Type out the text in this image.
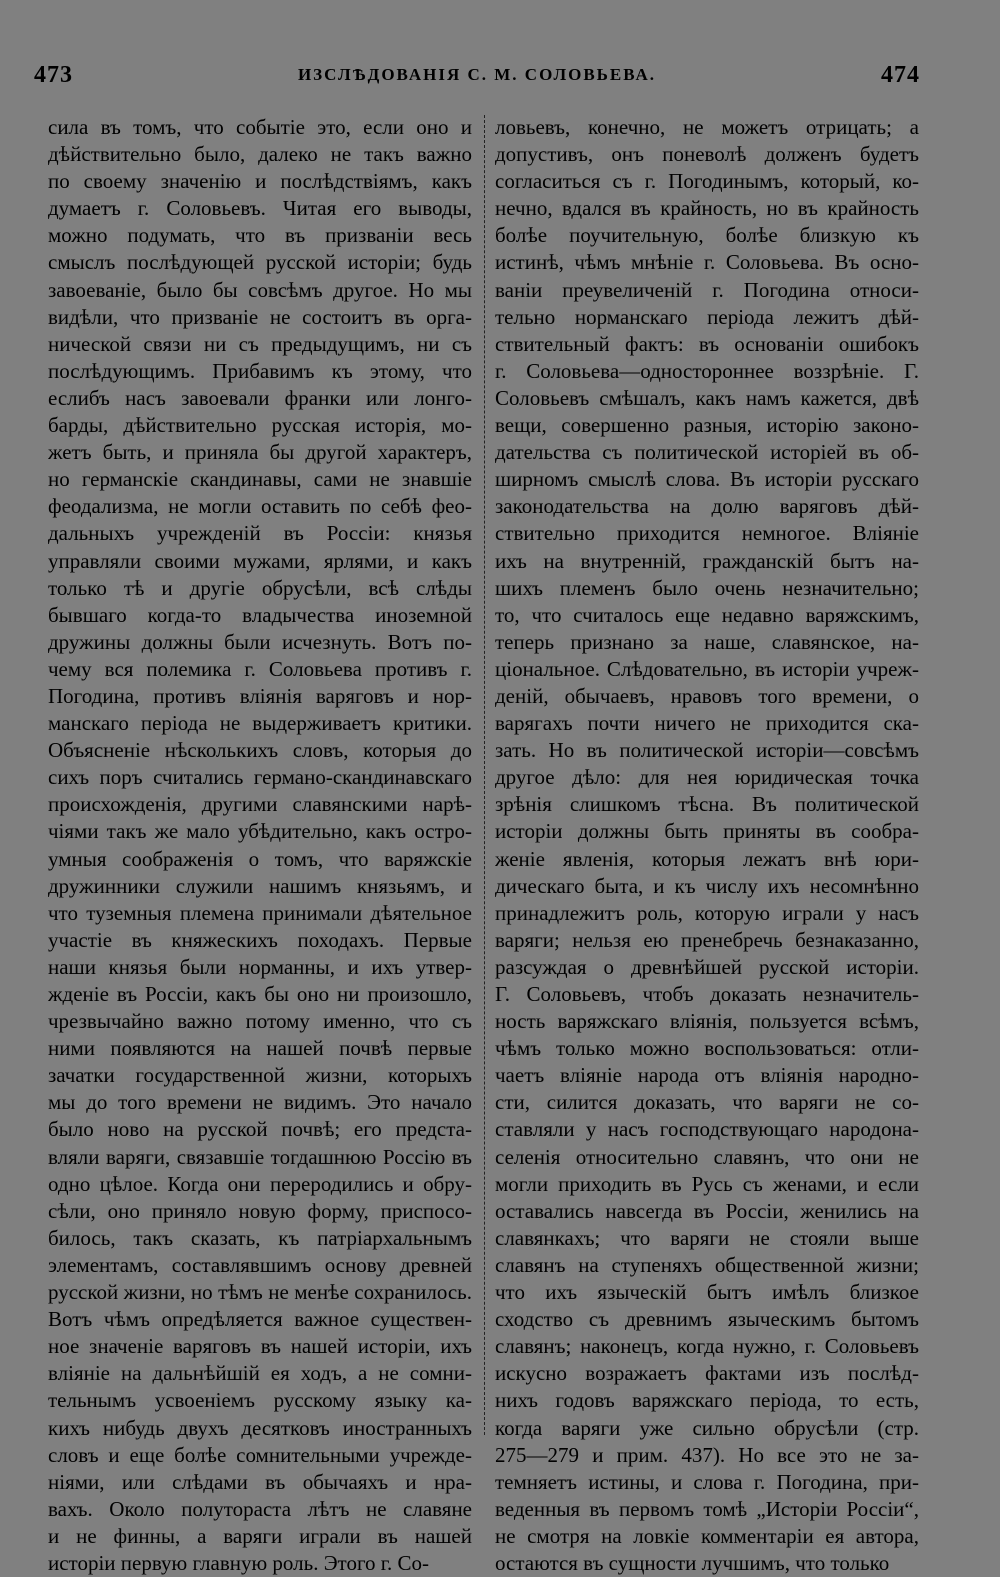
473	ИЗСЛѢДОВАНІЯ С. М. СОЛОВЬЕВА.	474
сила въ томъ, что событіе это, если оно и
дѣйствительно было, далеко не такъ важно
по своему значенію и послѣдствіямъ, какъ
думаетъ г. Соловьевъ. Читая его выводы,
можно подумать, что въ призваніи весь
смыслъ послѣдующей русской исторіи; будь
завоеваніе, было бы совсѣмъ другое. Но мы
видѣли, что призваніе не состоитъ въ орга-
нической связи ни съ предыдущимъ, ни съ
послѣдующимъ. Прибавимъ къ этому, что
еслибъ насъ завоевали франки или лонго-
барды, дѣйствительно русская исторія, мо-
жетъ быть, и приняла бы другой характеръ,
но германскіе скандинавы, сами не знавшіе
феодализма, не могли оставить по себѣ фео-
дальныхъ учрежденій въ Россіи: князья
управляли своими мужами, ярлями, и какъ
только тѣ и другіе обрусѣли, всѣ слѣды
бывшаго когда-то владычества иноземной
дружины должны были исчезнуть. Вотъ по-
чему вся полемика г. Соловьева противъ г.
Погодина, противъ вліянія варяговъ и нор-
манскаго періода не выдерживаетъ критики.
Объясненіе нѣсколькихъ словъ, которыя до
сихъ поръ считались германо-скандинавскаго
происхожденія, другими славянскими нарѣ-
чіями такъ же мало убѣдительно, какъ остро-
умныя соображенія о томъ, что варяжскіе
дружинники служили нашимъ князьямъ, и
что туземныя племена принимали дѣятельное
участіе въ княжескихъ походахъ. Первые
наши князья были норманны, и ихъ утвер-
жденіе въ Россіи, какъ бы оно ни произошло,
чрезвычайно важно потому именно, что съ
ними появляются на нашей почвѣ первые
зачатки государственной жизни, которыхъ
мы до того времени не видимъ. Это начало
было ново на русской почвѣ; его предста-
вляли варяги, связавшіе тогдашнюю Россію въ
одно цѣлое. Когда они переродились и обру-
сѣли, оно приняло новую форму, приспосо-
билось, такъ сказать, къ патріархальнымъ
элементамъ, составлявшимъ основу древней
русской жизни, но тѣмъ не менѣе сохранилось.
Вотъ чѣмъ опредѣляется важное существен-
ное значеніе варяговъ въ нашей исторіи, ихъ
вліяніе на дальнѣйшій ея ходъ, а не сомни-
тельнымъ усвоеніемъ русскому языку ка-
кихъ нибудь двухъ десятковъ иностранныхъ
словъ и еще болѣе сомнительными учрежде-
ніями, или слѣдами въ обычаяхъ и нра-
вахъ. Около полутораста лѣтъ не славяне
и не финны, а варяги играли въ нашей
исторіи первую главную роль. Этого г. Со-
ловьевъ, конечно, не можетъ отрицать; а
допустивъ, онъ поневолѣ долженъ будетъ
согласиться съ г. Погодинымъ, который, ко-
нечно, вдался въ крайность, но въ крайность
болѣе поучительную, болѣе близкую къ
истинѣ, чѣмъ мнѣніе г. Соловьева. Въ осно-
ваніи преувеличеній г. Погодина относи-
тельно норманскаго періода лежитъ дѣй-
ствительный фактъ: въ основаніи ошибокъ
г. Соловьева—одностороннее воззрѣніе. Г.
Соловьевъ смѣшалъ, какъ намъ кажется, двѣ
вещи, совершенно разныя, исторію законо-
дательства съ политической исторіей въ об-
ширномъ смыслѣ слова. Въ исторіи русскаго
законодательства на долю варяговъ дѣй-
ствительно приходится немногое. Вліяніе
ихъ на внутренній, гражданскій бытъ на-
шихъ племенъ было очень незначительно;
то, что считалось еще недавно варяжскимъ,
теперь признано за наше, славянское, на-
ціональное. Слѣдовательно, въ исторіи учреж-
деній, обычаевъ, нравовъ того времени, о
варягахъ почти ничего не приходится ска-
зать. Но въ политической исторіи—совсѣмъ
другое дѣло: для нея юридическая точка
зрѣнія слишкомъ тѣсна. Въ политической
исторіи должны быть приняты въ сообра-
женіе явленія, которыя лежатъ внѣ юри-
дическаго быта, и къ числу ихъ несомнѣнно
принадлежитъ роль, которую играли у насъ
варяги; нельзя ею пренебречь безнаказанно,
разсуждая о древнѣйшей русской исторіи.
Г. Соловьевъ, чтобъ доказать незначитель-
ность варяжскаго вліянія, пользуется всѣмъ,
чѣмъ только можно воспользоваться: отли-
чаетъ вліяніе народа отъ вліянія народно-
сти, силится доказать, что варяги не со-
ставляли у насъ господствующаго народона-
селенія относительно славянъ, что они не
могли приходить въ Русь съ женами, и если
оставались навсегда въ Россіи, женились на
славянкахъ; что варяги не стояли выше
славянъ на ступеняхъ общественной жизни;
что ихъ языческій бытъ имѣлъ близкое
сходство съ древнимъ языческимъ бытомъ
славянъ; наконецъ, когда нужно, г. Соловьевъ
искусно возражаетъ фактами изъ послѣд-
нихъ годовъ варяжскаго періода, то есть,
когда варяги уже сильно обрусѣли (стр.
275—279 и прим. 437). Но все это не за-
темняетъ истины, и слова г. Погодина, при-
веденныя въ первомъ томѣ „Исторіи Россіи“,
не смотря на ловкіе комментаріи ея автора,
остаются въ сущности лучшимъ, что только
